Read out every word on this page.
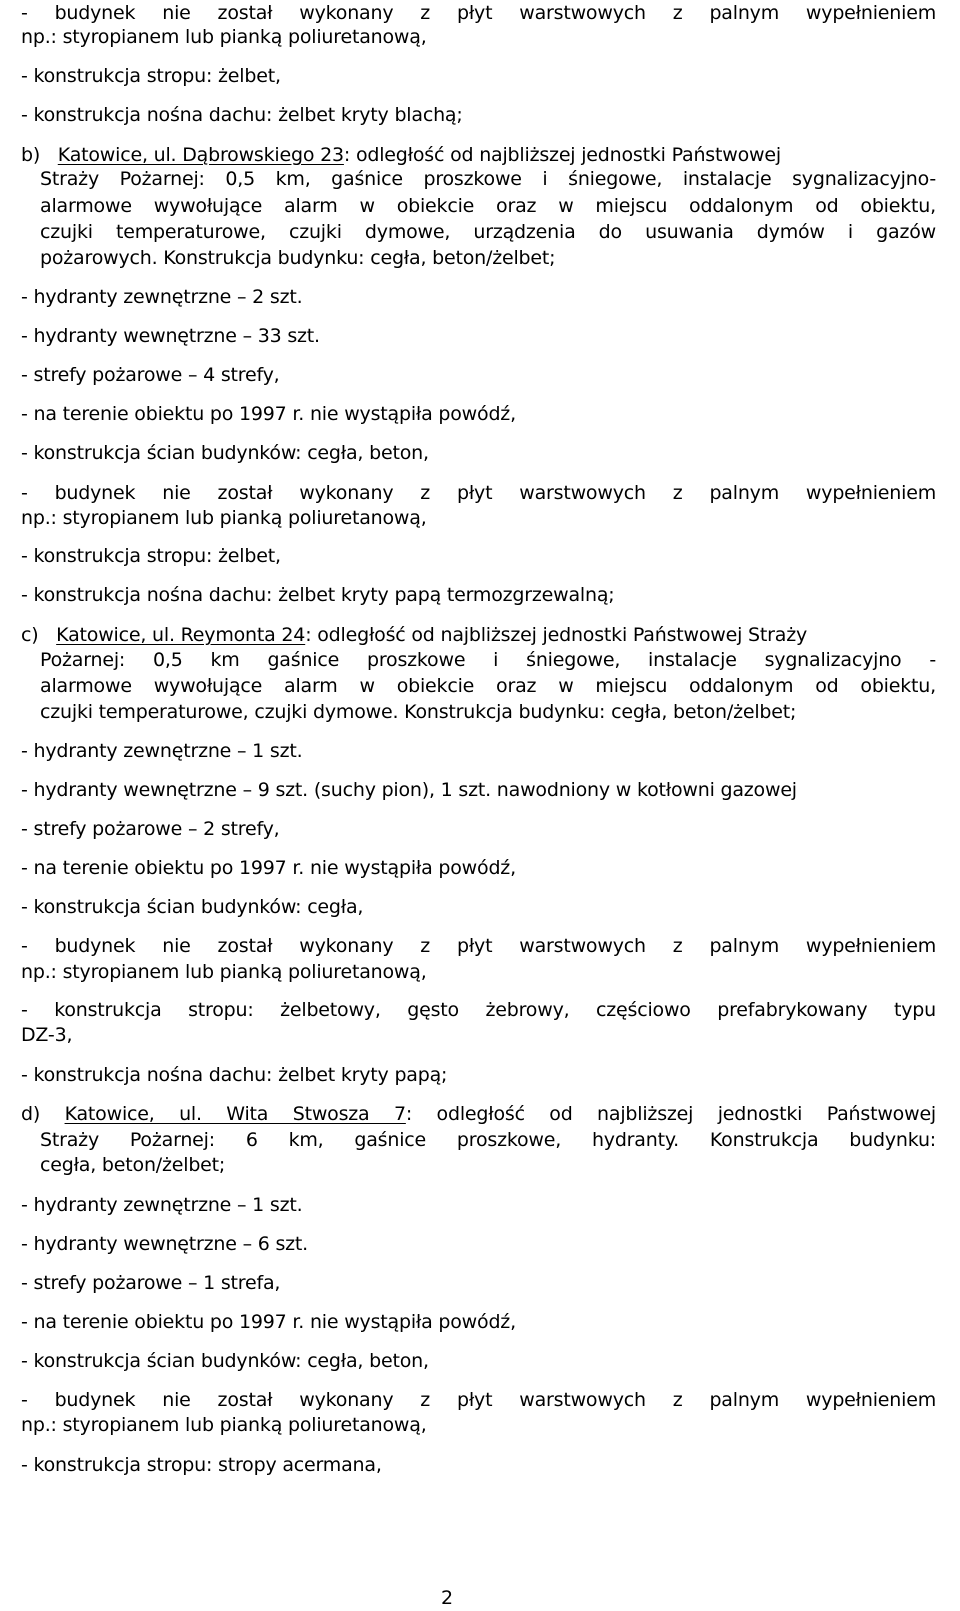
- budynek nie został wykonany z płyt warstwowych z palnym wypełnieniem
np.: styropianem lub pianką poliuretanową,
- konstrukcja stropu: żelbet,
- konstrukcja nośna dachu: żelbet kryty blachą;
b) Katowice, ul. Dąbrowskiego 23: odległość od najbliższej jednostki Państwowej
Straży Pożarnej: 0,5 km, gaśnice proszkowe i śniegowe, instalacje sygnalizacyjno-
alarmowe wywołujące alarm w obiekcie oraz w miejscu oddalonym od obiektu,
czujki temperaturowe, czujki dymowe, urządzenia do usuwania dymów i gazów
pożarowych. Konstrukcja budynku: cegła, beton/żelbet;
- hydranty zewnętrzne – 2 szt.
- hydranty wewnętrzne – 33 szt.
- strefy pożarowe – 4 strefy,
- na terenie obiektu po 1997 r. nie wystąpiła powódź,
- konstrukcja ścian budynków: cegła, beton,
- budynek nie został wykonany z płyt warstwowych z palnym wypełnieniem
np.: styropianem lub pianką poliuretanową,
- konstrukcja stropu: żelbet,
- konstrukcja nośna dachu: żelbet kryty papą termozgrzewalną;
c) Katowice, ul. Reymonta 24: odległość od najbliższej jednostki Państwowej Straży
Pożarnej: 0,5 km gaśnice proszkowe i śniegowe, instalacje sygnalizacyjno -
alarmowe wywołujące alarm w obiekcie oraz w miejscu oddalonym od obiektu,
czujki temperaturowe, czujki dymowe. Konstrukcja budynku: cegła, beton/żelbet;
- hydranty zewnętrzne – 1 szt.
- hydranty wewnętrzne – 9 szt. (suchy pion), 1 szt. nawodniony w kotłowni gazowej
- strefy pożarowe – 2 strefy,
- na terenie obiektu po 1997 r. nie wystąpiła powódź,
- konstrukcja ścian budynków: cegła,
- budynek nie został wykonany z płyt warstwowych z palnym wypełnieniem
np.: styropianem lub pianką poliuretanową,
- konstrukcja stropu: żelbetowy, gęsto żebrowy, częściowo prefabrykowany typu
DZ-3,
- konstrukcja nośna dachu: żelbet kryty papą;
d) Katowice, ul. Wita Stwosza 7: odległość od najbliższej jednostki Państwowej
Straży Pożarnej: 6 km, gaśnice proszkowe, hydranty. Konstrukcja budynku:
cegła, beton/żelbet;
- hydranty zewnętrzne – 1 szt.
- hydranty wewnętrzne – 6 szt.
- strefy pożarowe – 1 strefa,
- na terenie obiektu po 1997 r. nie wystąpiła powódź,
- konstrukcja ścian budynków: cegła, beton,
- budynek nie został wykonany z płyt warstwowych z palnym wypełnieniem
np.: styropianem lub pianką poliuretanową,
- konstrukcja stropu: stropy acermana,
2
